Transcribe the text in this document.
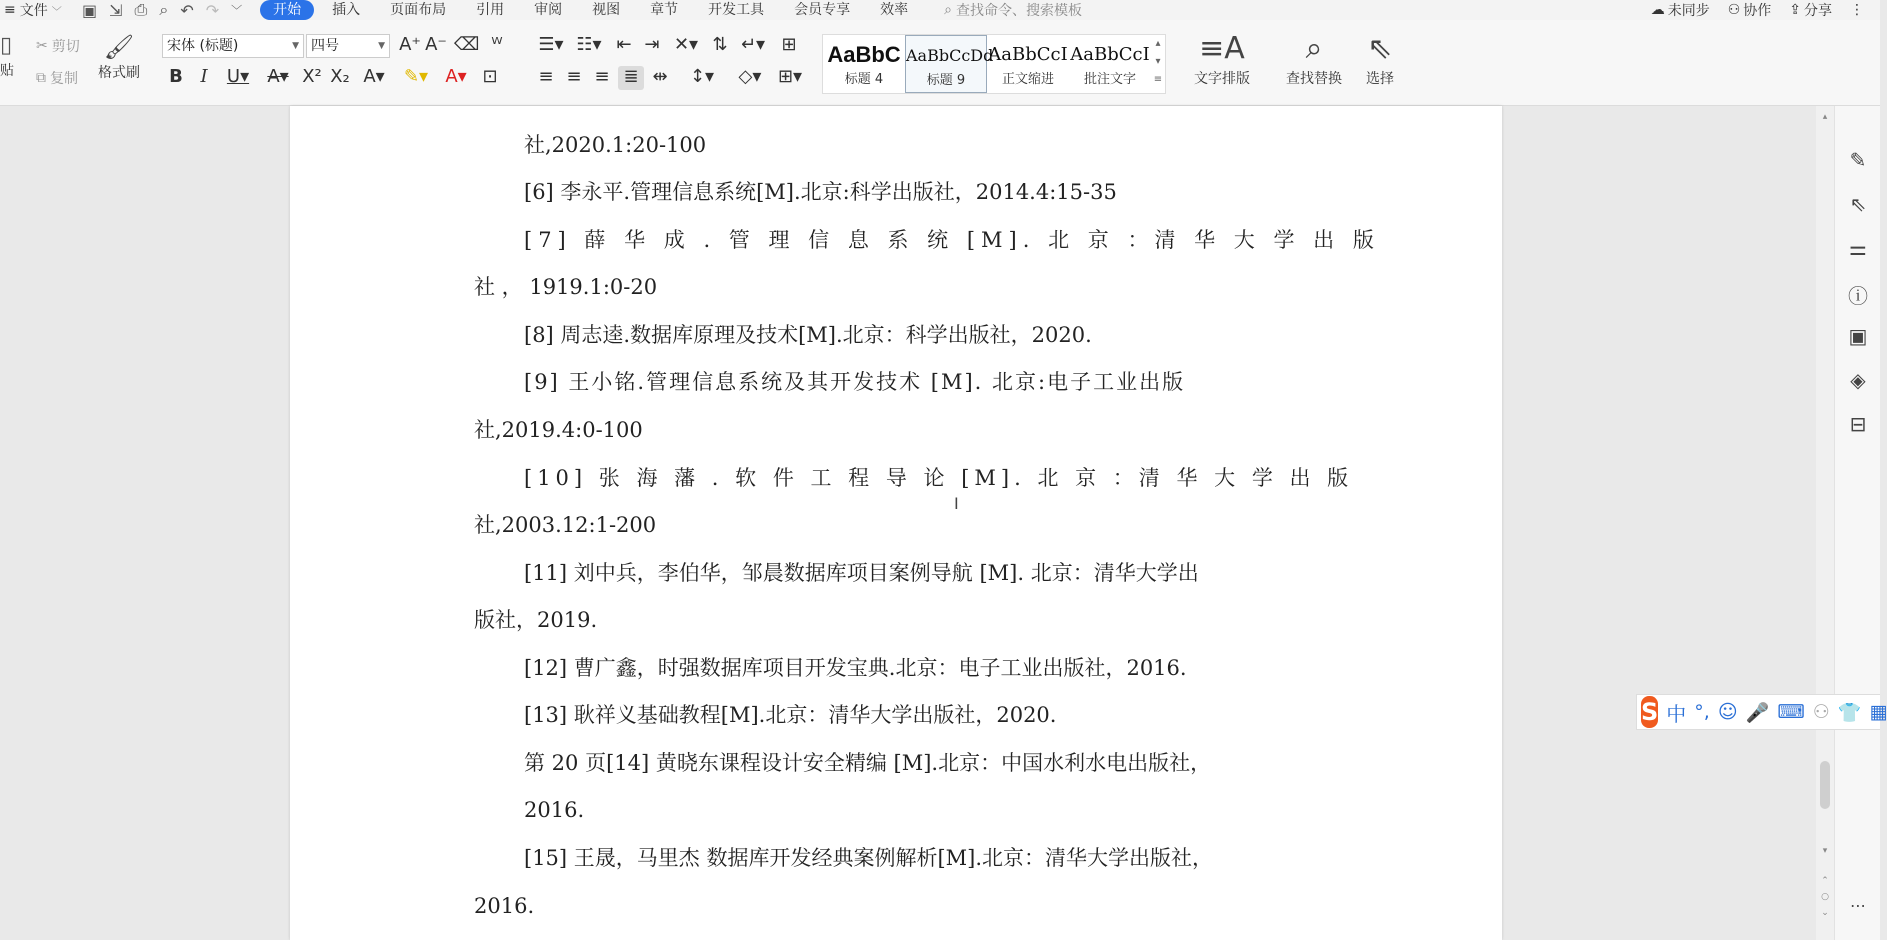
≡ 文件 ﹀ ▣ ⇲ ⎙ ⌕ ↶ ↷ ﹀	开始	插入	页面布局	引用	审阅	视图	章节	开发工具	会员专享	效率	⌕ 查找命令、搜索模板	☁ 未同步 ⚇ 协作 ⇪ 分享 ⋮
▯
贴
✂ 剪切
⧉ 复制
🖌
格式刷
宋体 (标题)	▼ 四号	▼ A⁺ A⁻ ⌫ ᵂ
B I	U▾ A▾ X² X₂ A▾	✎▾ A▾ ⊡
☰▾ ☷▾ ⇤ ⇥ ✕▾ ⇅ ↵▾ ⊞
≡ ≡ ≡ ≣ ⇹ ↕▾ ◇▾ ⊞▾
AaBbC
标题 4
AaBbCcDd
标题 9
AaBbCcI
正文缩进
AaBbCcI
批注文字
▴
▾
≡
≡A
文字排版
⌕
查找替换
⇖
选择
社,2020.1:20-100
[6] 李永平.管理信息系统[M].北京:科学出版社，2014.4:15-35
[7] 薛 华 成 . 管 理 信 息 系 统 [M]. 北 京 ：清 华 大 学 出 版
社 ， 1919.1:0-20
[8] 周志逵.数据库原理及技术[M].北京：科学出版社，2020.
[9] 王小铭.管理信息系统及其开发技术 [M]. 北京:电子工业出版
社,2019.4:0-100
[10] 张 海 藩 . 软 件 工 程 导 论 [M]. 北 京 ：清 华 大 学 出 版
社,2003.12:1-200
[11] 刘中兵，李伯华，邹晨数据库项目案例导航 [M]. 北京：清华大学出
版社，2019.
[12] 曹广鑫，时强数据库项目开发宝典.北京：电子工业出版社，2016.
[13] 耿祥义基础教程[M].北京：清华大学出版社，2020.
第 20 页[14] 黄晓东课程设计安全精编 [M].北京：中国水利水电出版社，
2016.
[15] 王晟，马里杰 数据库开发经典案例解析[M].北京：清华大学出版社，
2016.
Ι
▴
▾
⌃
○
⌄
✎
⇖
⚌
ⓘ
▣
◈
⊟
⋯
S 中 °, ☺ 🎤 ⌨ ⚇ 👕 ▦
